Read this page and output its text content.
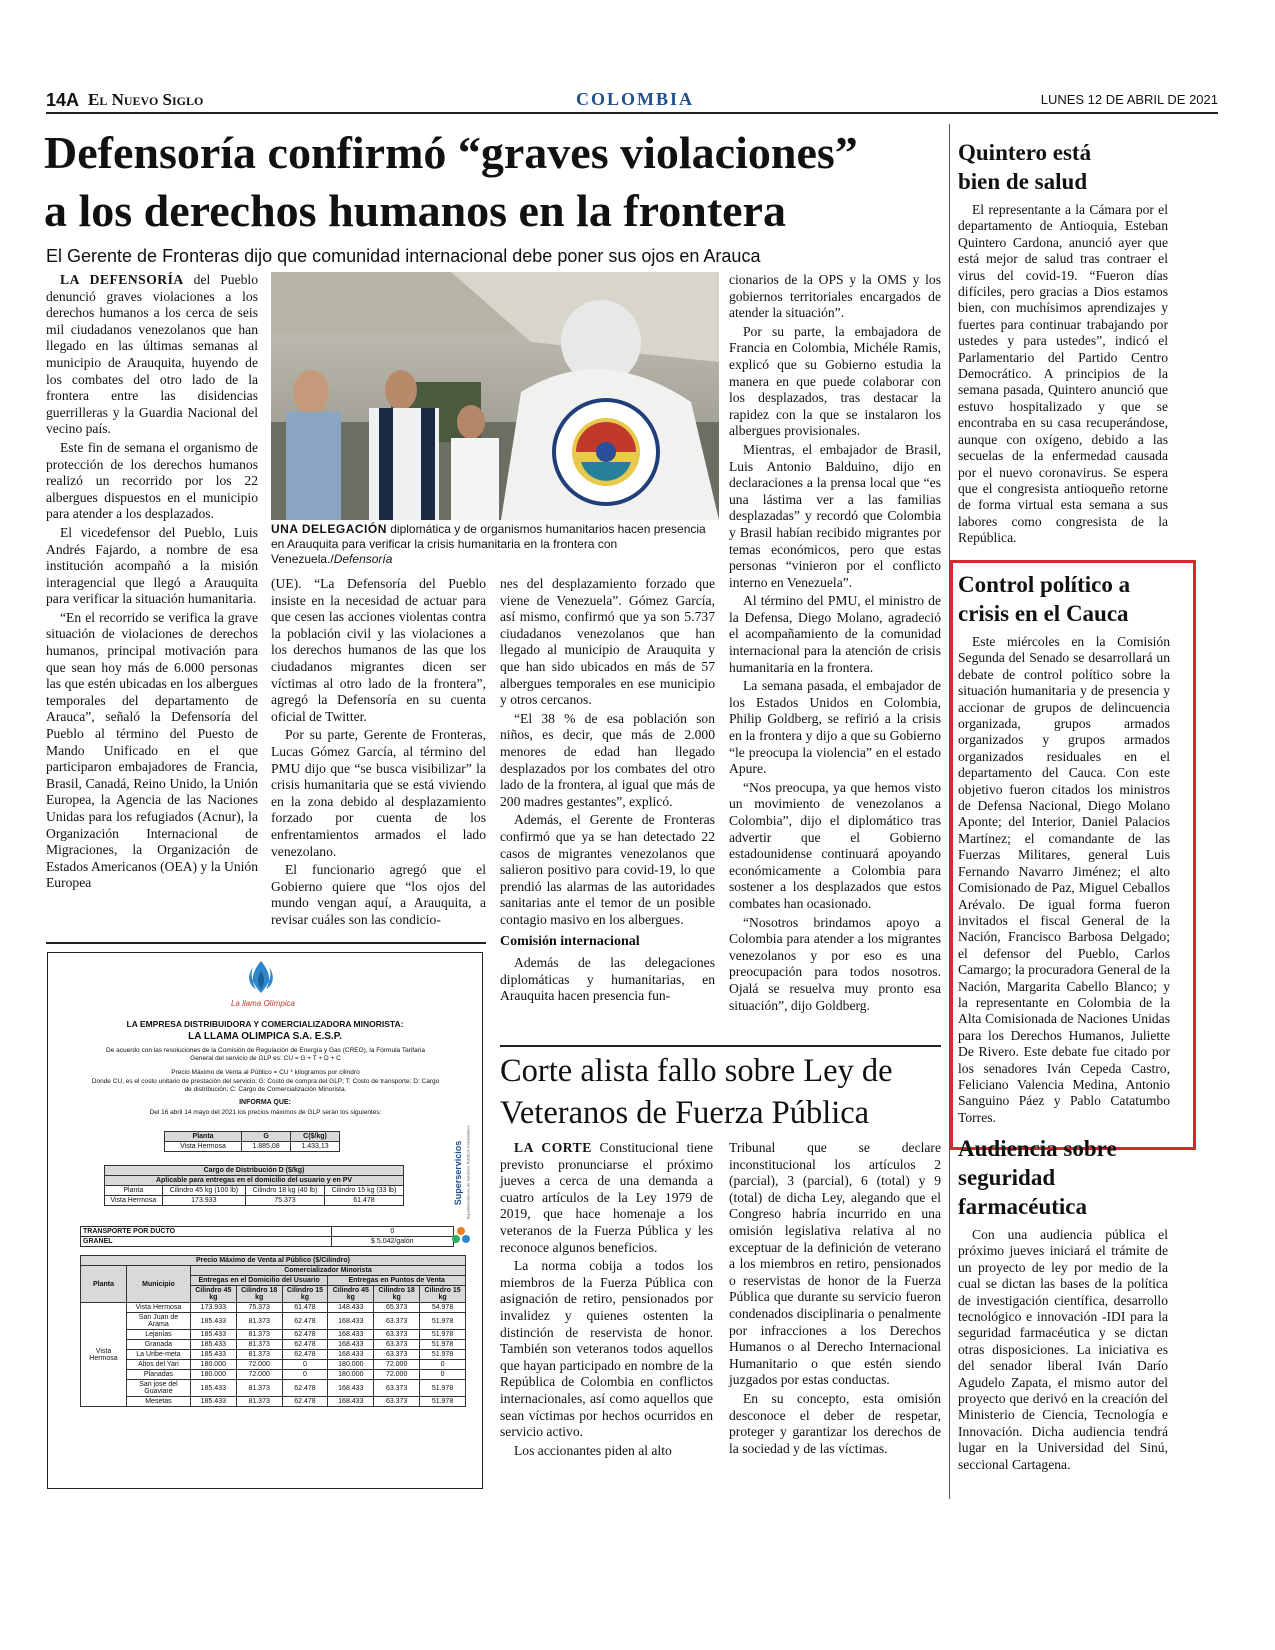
14A El Nuevo Siglo	COLOMBIA	LUNES 12 DE ABRIL DE 2021
Defensoría confirmó “graves violaciones”
a los derechos humanos en la frontera
El Gerente de Fronteras dijo que comunidad internacional debe poner sus ojos en Arauca

LA DEFENSORÍA del Pueblo denunció graves violaciones a los derechos humanos a los cerca de seis mil ciudadanos venezolanos que han llegado en las últimas semanas al municipio de Arauquita, huyendo de los combates del otro lado de la frontera entre las disidencias guerrilleras y la Guardia Nacional del vecino país.

Este fin de semana el organismo de protección de los derechos humanos realizó un recorrido por los 22 albergues dispuestos en el municipio para atender a los desplazados.

El vicedefensor del Pueblo, Luis Andrés Fajardo, a nombre de esa institución acompañó a la misión interagencial que llegó a Arauquita para verificar la situación humanitaria.

“En el recorrido se verifica la grave situación de violaciones de derechos humanos, principal motivación para que sean hoy más de 6.000 personas las que estén ubicadas en los albergues temporales del departamento de Arauca”, señaló la Defensoría del Pueblo al término del Puesto de Mando Unificado en el que participaron embajadores de Francia, Brasil, Canadá, Reino Unido, la Unión Europea, la Agencia de las Naciones Unidas para los refugiados (Acnur), la Organización Internacional de Migraciones, la Organización de Estados Americanos (OEA) y la Unión Europea

UNA DELEGACIÓN diplomática y de organismos humanitarios hacen presencia en Arauquita para verificar la crisis humanitaria en la frontera con Venezuela./Defensoría

(UE). “La Defensoría del Pueblo insiste en la necesidad de actuar para que cesen las acciones violentas contra la población civil y las violaciones a los derechos humanos de las que los ciudadanos migrantes dicen ser víctimas al otro lado de la frontera”, agregó la Defensoría en su cuenta oficial de Twitter.

Por su parte, Gerente de Fronteras, Lucas Gómez García, al término del PMU dijo que “se busca visibilizar” la crisis humanitaria que se está viviendo en la zona debido al desplazamiento forzado por cuenta de los enfrentamientos armados el lado venezolano.

El funcionario agregó que el Gobierno quiere que “los ojos del mundo vengan aquí, a Arauquita, a revisar cuáles son las condicio-

nes del desplazamiento forzado que viene de Venezuela”. Gómez García, así mismo, confirmó que ya son 5.737 ciudadanos venezolanos que han llegado al municipio de Arauquita y que han sido ubicados en más de 57 albergues temporales en ese municipio y otros cercanos.

“El 38 % de esa población son niños, es decir, que más de 2.000 menores de edad han llegado desplazados por los combates del otro lado de la frontera, al igual que más de 200 madres gestantes”, explicó.

Además, el Gerente de Fronteras confirmó que ya se han detectado 22 casos de migrantes venezolanos que salieron positivo para covid-19, lo que prendió las alarmas de las autoridades sanitarias ante el temor de un posible contagio masivo en los albergues.

Comisión internacional

Además de las delegaciones diplomáticas y humanitarias, en Arauquita hacen presencia fun-

cionarios de la OPS y la OMS y los gobiernos territoriales encargados de atender la situación”.

Por su parte, la embajadora de Francia en Colombia, Michéle Ramis, explicó que su Gobierno estudia la manera en que puede colaborar con los desplazados, tras destacar la rapidez con la que se instalaron los albergues provisionales.

Mientras, el embajador de Brasil, Luis Antonio Balduino, dijo en declaraciones a la prensa local que “es una lástima ver a las familias desplazadas” y recordó que Colombia y Brasil habían recibido migrantes por temas económicos, pero que estas personas “vinieron por el conflicto interno en Venezuela”.

Al término del PMU, el ministro de la Defensa, Diego Molano, agradeció el acompañamiento de la comunidad internacional para la atención de crisis humanitaria en la frontera.

La semana pasada, el embajador de los Estados Unidos en Colombia, Philip Goldberg, se refirió a la crisis en la frontera y dijo a que su Gobierno “le preocupa la violencia” en el estado Apure.

“Nos preocupa, ya que hemos visto un movimiento de venezolanos a Colombia”, dijo el diplomático tras advertir que el Gobierno estadounidense continuará apoyando económicamente a Colombia para sostener a los desplazados que estos combates han ocasionado.

“Nosotros brindamos apoyo a Colombia para atender a los migrantes venezolanos y por eso es una preocupación para todos nosotros. Ojalá se resuelva muy pronto esa situación”, dijo Goldberg.

La llama Olímpica
LA EMPRESA DISTRIBUIDORA Y COMERCIALIZADORA MINORISTA:
LA LLAMA OLIMPICA S.A. E.S.P.
De acuerdo con las resoluciones de la Comisión de Regulación de Energía y Gas (CREG), la Fórmula Tarifaria General del servicio de GLP es: CU = G + T + D + C
Precio Máximo de Venta al Público = CU * kilogramos por cilindro
Donde CU, es el costo unitario de prestación del servicio; G: Costo de compra del GLP; T: Costo de transporte; D: Cargo de distribución; C: Cargo de Comercialización Minorista.
INFORMA QUE:
Del 16 abril 14 mayo del 2021 los precios máximos de GLP serán los siguientes:
Planta	G	C($/kg)
Vista Hermosa	1.885,08	1.433,13
Cargo de Distribución D ($/kg)			
Aplicable para entregas en el domicilio del usuario y en PV			
Planta	Cilindro 45 kg (100 lb)	Cilindro 18 kg (40 lb)	Cilindro 15 kg (33 lb)
Vista Hermosa	173.933	75.373	61.478
TRANSPORTE POR DUCTO	0
GRANEL	$ 5.042/galón
Precio Máximo de Venta al Público ($/Cilindro)							
Planta	Municipio	Comercializador Minorista					
		Entregas en el Domicilio del Usuario			Entregas en Puntos de Venta		
		Cilindro 45 kg	Cilindro 18 kg	Cilindro 15 kg	Cilindro 45 kg	Cilindro 18 kg	Cilindro 15 kg
Vista Hermosa	Vista Hermosa	173.933	75.373	61.478	148.433	65.373	54.978
	San Juan de Arama	185.433	81.373	62.478	168.433	63.373	51.978
	Lejanías	185.433	81.373	62.478	168.433	63.373	51.978
	Granada	185.433	81.373	62.478	168.433	63.373	51.978
	La Uribe-meta	185.433	81.373	62.478	168.433	63.373	51.978
	Altos del Yari	180.000	72.000	0	180.000	72.000	0
	Planadas	180.000	72.000	0	180.000	72.000	0
	San jose del Guaviare	185.433	81.373	62.478	168.433	63.373	51.978
	Mesetas	185.433	81.373	62.478	168.433	63.373	51.978
Superservicios Superintendencia de Servicios Públicos Domiciliarios
Corte alista fallo sobre Ley de
Veteranos de Fuerza Pública

LA CORTE Constitucional tiene previsto pronunciarse el próximo jueves a cerca de una demanda a cuatro artículos de la Ley 1979 de 2019, que hace homenaje a los veteranos de la Fuerza Pública y les reconoce algunos beneficios.

La norma cobija a todos los miembros de la Fuerza Pública con asignación de retiro, pensionados por invalidez y quienes ostenten la distinción de reservista de honor. También son veteranos todos aquellos que hayan participado en nombre de la República de Colombia en conflictos internacionales, así como aquellos que sean víctimas por hechos ocurridos en servicio activo.

Los accionantes piden al alto

Tribunal que se declare inconstitucional los artículos 2 (parcial), 3 (parcial), 6 (total) y 9 (total) de dicha Ley, alegando que el Congreso habría incurrido en una omisión legislativa relativa al no exceptuar de la definición de veterano a los miembros en retiro, pensionados o reservistas de honor de la Fuerza Pública que durante su servicio fueron condenados disciplinaria o penalmente por infracciones a los Derechos Humanos o al Derecho Internacional Humanitario o que estén siendo juzgados por estas conductas.

En su concepto, esta omisión desconoce el deber de respetar, proteger y garantizar los derechos de la sociedad y de las víctimas.

Quintero está bien de salud

El representante a la Cámara por el departamento de Antioquia, Esteban Quintero Cardona, anunció ayer que está mejor de salud tras contraer el virus del covid-19. “Fueron días difíciles, pero gracias a Dios estamos bien, con muchísimos aprendizajes y fuertes para continuar trabajando por ustedes y para ustedes”, indicó el Parlamentario del Partido Centro Democrático. A principios de la semana pasada, Quintero anunció que estuvo hospitalizado y que se encontraba en su casa recuperándose, aunque con oxígeno, debido a las secuelas de la enfermedad causada por el nuevo coronavirus. Se espera que el congresista antioqueño retorne de forma virtual esta semana a sus labores como congresista de la República.

Control político a crisis en el Cauca

Este miércoles en la Comisión Segunda del Senado se desarrollará un debate de control político sobre la situación humanitaria y de presencia y accionar de grupos de delincuencia organizada, grupos armados organizados y grupos armados organizados residuales en el departamento del Cauca. Con este objetivo fueron citados los ministros de Defensa Nacional, Diego Molano Aponte; del Interior, Daniel Palacios Martínez; el comandante de las Fuerzas Militares, general Luis Fernando Navarro Jiménez; el alto Comisionado de Paz, Miguel Ceballos Arévalo. De igual forma fueron invitados el fiscal General de la Nación, Francisco Barbosa Delgado; el defensor del Pueblo, Carlos Camargo; la procuradora General de la Nación, Margarita Cabello Blanco; y la representante en Colombia de la Alta Comisionada de Naciones Unidas para los Derechos Humanos, Juliette De Rivero. Este debate fue citado por los senadores Iván Cepeda Castro, Feliciano Valencia Medina, Antonio Sanguino Páez y Pablo Catatumbo Torres.

Audiencia sobre seguridad farmacéutica

Con una audiencia pública el próximo jueves iniciará el trámite de un proyecto de ley por medio de la cual se dictan las bases de la política de investigación científica, desarrollo tecnológico e innovación -IDI para la seguridad farmacéutica y se dictan otras disposiciones. La iniciativa es del senador liberal Iván Darío Agudelo Zapata, el mismo autor del proyecto que derivó en la creación del Ministerio de Ciencia, Tecnología e Innovación. Dicha audiencia tendrá lugar en la Universidad del Sinú, seccional Cartagena.
